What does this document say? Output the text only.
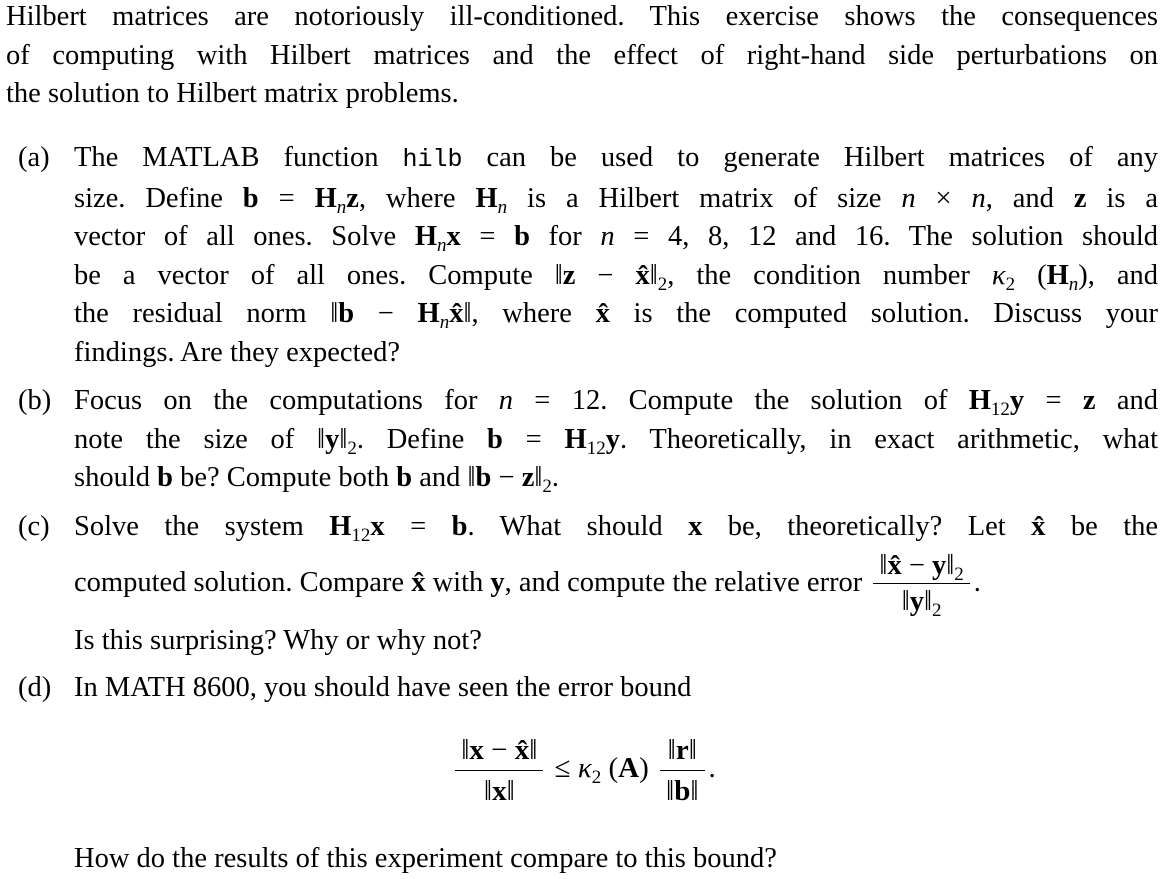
Hilbert matrices are notoriously ill-conditioned. This exercise shows the consequences
of computing with Hilbert matrices and the effect of right-hand side perturbations on
the solution to Hilbert matrix problems.
(a) The MATLAB function hilb can be used to generate Hilbert matrices of any
size. Define $b = H_nz$, where $H_n$ is a Hilbert matrix of size n × n, and z is a
vector of all ones. Solve $H_nx = b$ for n = 4, 8, 12 and 16. The solution should
be a vector of all ones. Compute ‖z − $x̂‖_2$, the condition number $\kappa_2$ $(H_n)$, and
the residual norm ‖b − $H_nx̂‖$, where x̂ is the computed solution. Discuss your
findings. Are they expected?
(b) Focus on the computations for n = 12. Compute the solution of $H_{12}y = z$ and
note the size of $‖y‖_2$. Define $b = H_{12}y$. Theoretically, in exact arithmetic, what
should b be? Compute both b and ‖b − $z‖_2$.
(c) Solve the system $H_{12}x = b$. What should x be, theoretically? Let x̂ be the
computed solution. Compare x̂ with y, and compute the relative error $\frac{‖x̂ - y‖_2}{‖y‖_2}$ .
Is this surprising? Why or why not?
(d) In MATH 8600, you should have seen the error bound
$\frac{‖x - x̂‖}{‖x‖} \le \kappa_2$ $(A) \frac{‖r‖}{‖b‖}$ .
How do the results of this experiment compare to this bound?
